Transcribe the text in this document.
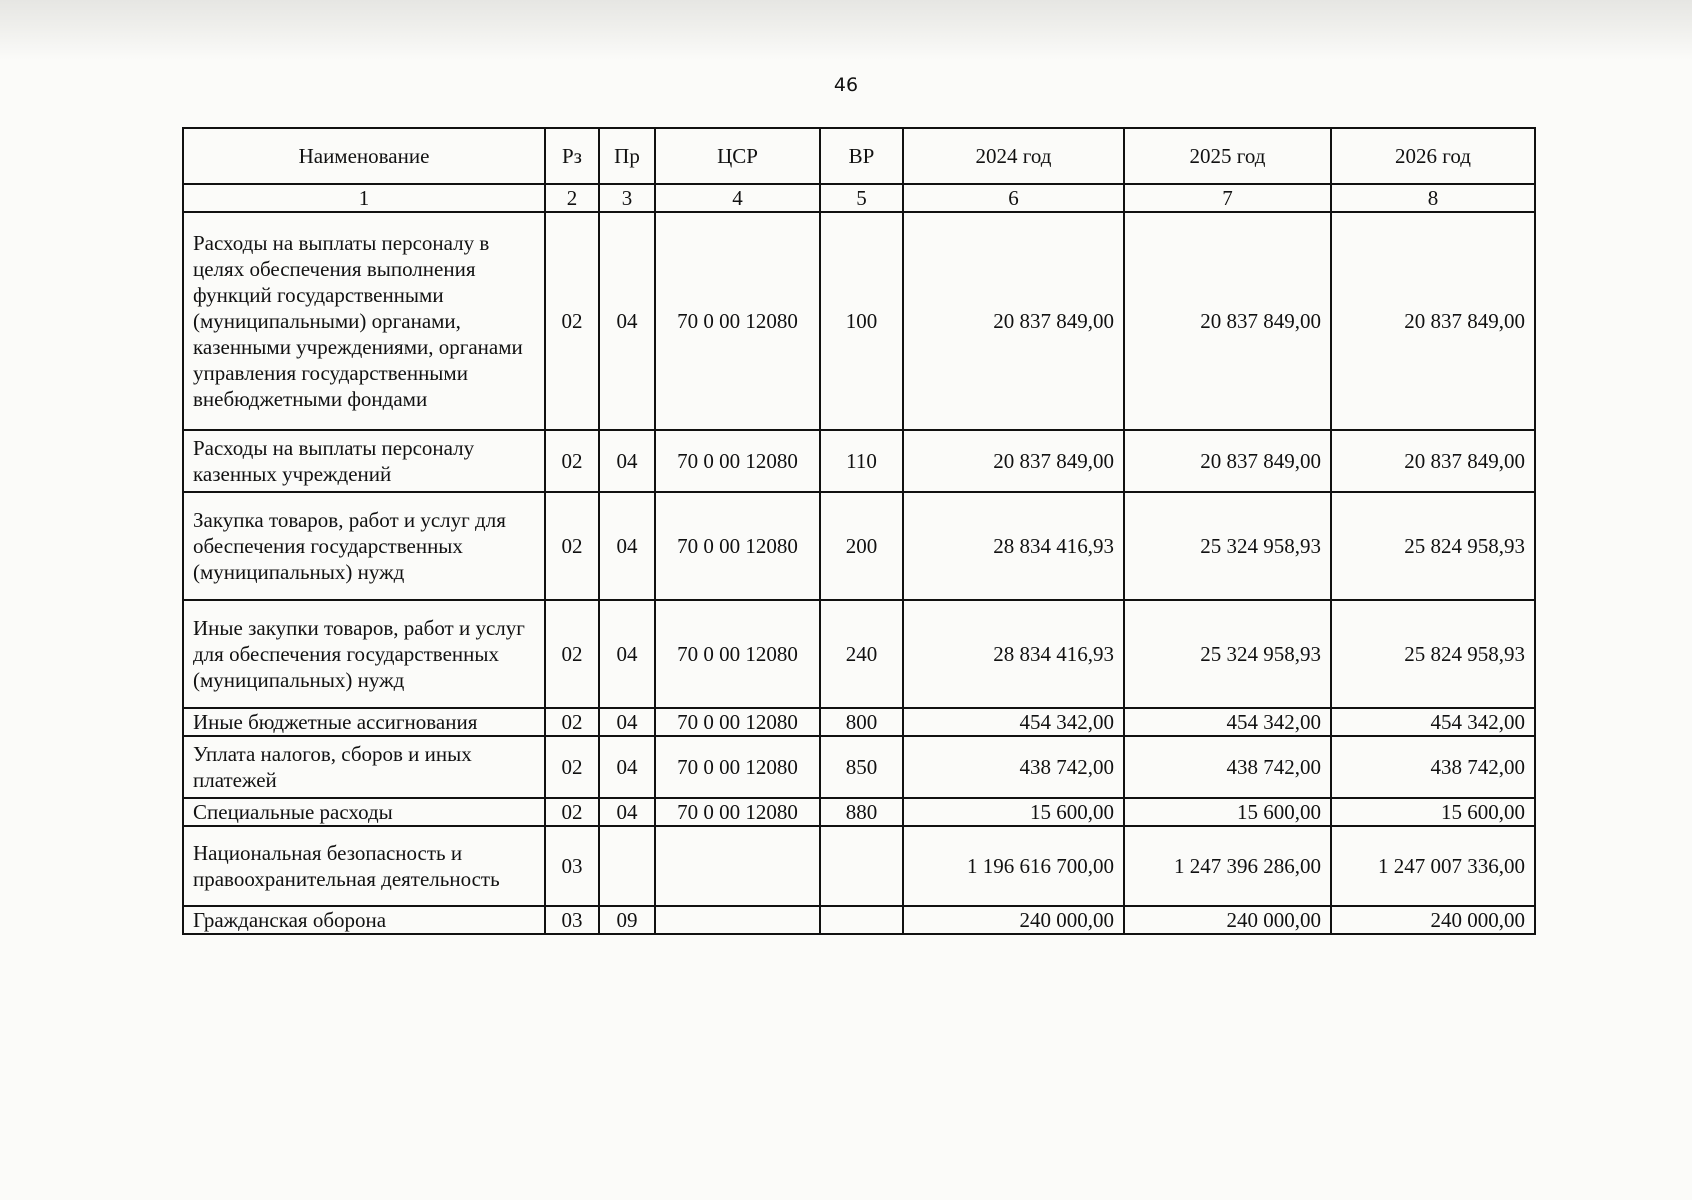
46
Наименование	Рз	Пр	ЦСР	ВР	2024 год	2025 год	2026 год
1	2	3	4	5	6	7	8
Расходы на выплаты персоналу в целях обеспечения выполнения функций государственными (муниципальными) органами, казенными учреждениями, органами управления государственными внебюджетными фондами	02	04	70 0 00 12080	100	20 837 849,00	20 837 849,00	20 837 849,00
Расходы на выплаты персоналу казенных учреждений	02	04	70 0 00 12080	110	20 837 849,00	20 837 849,00	20 837 849,00
Закупка товаров, работ и услуг для обеспечения государственных (муниципальных) нужд	02	04	70 0 00 12080	200	28 834 416,93	25 324 958,93	25 824 958,93
Иные закупки товаров, работ и услуг для обеспечения государственных (муниципальных) нужд	02	04	70 0 00 12080	240	28 834 416,93	25 324 958,93	25 824 958,93
Иные бюджетные ассигнования	02	04	70 0 00 12080	800	454 342,00	454 342,00	454 342,00
Уплата налогов, сборов и иных платежей	02	04	70 0 00 12080	850	438 742,00	438 742,00	438 742,00
Специальные расходы	02	04	70 0 00 12080	880	15 600,00	15 600,00	15 600,00
Национальная безопасность и правоохранительная деятельность	03				1 196 616 700,00	1 247 396 286,00	1 247 007 336,00
Гражданская оборона	03	09			240 000,00	240 000,00	240 000,00
